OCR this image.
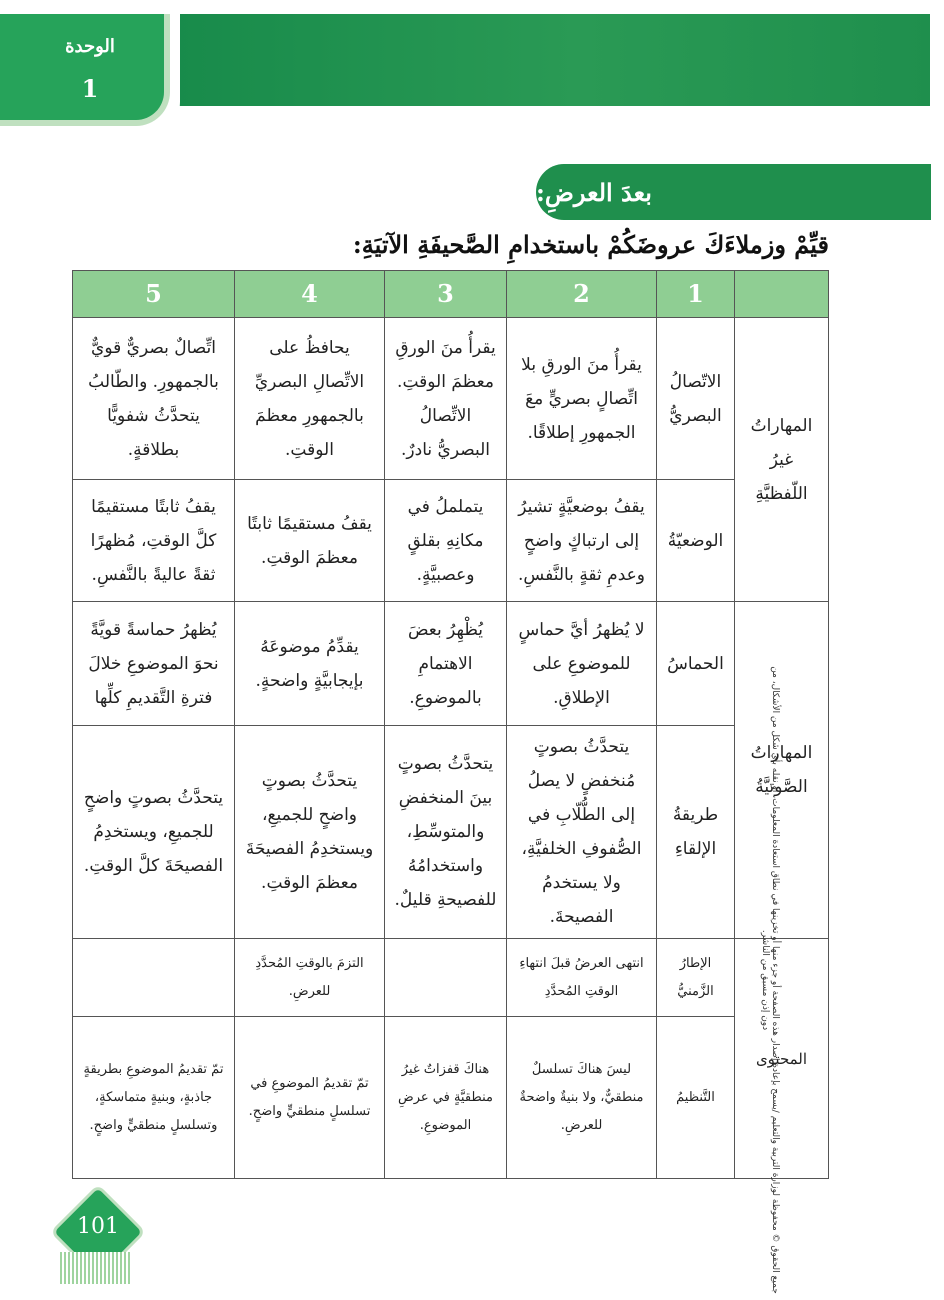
الوحدة
1
بعدَ العرضِ:
قيِّمْ وزملاءَكَ عروضَكُمْ باستخدامِ الصَّحيفَةِ الآتيَةِ:
	1	2	3	4	5
المهاراتُ غيرُ اللّفظيَّةِ	الاتّصالُ البصريُّ	يقرأُ منَ الورقِ بلا اتِّصالٍ بصريٍّ معَ الجمهورِ إطلاقًا.	يقرأُ منَ الورقِ معظمَ الوقتِ. الاتِّصالُ البصريُّ نادرٌ.	يحافظُ على الاتِّصالِ البصريِّ بالجمهورِ معظمَ الوقتِ.	اتِّصالٌ بصريٌّ قويٌّ بالجمهورِ. والطّالبُ يتحدَّثُ شفويًّا بطلاقةٍ.
	الوضعيّةُ	يقفُ بوضعيَّةٍ تشيرُ إلى ارتباكٍ واضحٍ وعدمِ ثقةٍ بالنَّفسِ.	يتململُ في مكانِهِ بقلقٍ وعصبيَّةٍ.	يقفُ مستقيمًا ثابتًا معظمَ الوقتِ.	يقفُ ثابتًا مستقيمًا كلَّ الوقتِ، مُظهرًا ثقةً عاليةً بالنَّفسِ.
المهاراتُ الصَّوتيَّةُ	الحماسُ	لا يُظهرُ أيَّ حماسٍ للموضوعِ على الإطلاقِ.	يُظْهِرُ بعضَ الاهتمامِ بالموضوعِ.	يقدِّمُ موضوعَهُ بإيجابيَّةٍ واضحةٍ.	يُظهرُ حماسةً قويَّةً نحوَ الموضوعِ خلالَ فترةِ التَّقديمِ كلِّها
	طريقةُ الإلقاءِ	يتحدَّثُ بصوتٍ مُنخفضٍ لا يصلُ إلى الطُّلّابِ في الصُّفوفِ الخلفيَّةِ، ولا يستخدمُ الفصيحةَ.	يتحدَّثُ بصوتٍ بينَ المنخفضِ والمتوسِّطِ، واستخدامُهُ للفصيحةِ قليلٌ.	يتحدَّثُ بصوتٍ واضحٍ للجميعِ، ويستخدِمُ الفصيحَةَ معظمَ الوقتِ.	يتحدَّثُ بصوتٍ واضحٍ للجميعِ، ويستخدِمُ الفصيحَةَ كلَّ الوقتِ.
المحتوى	الإطارُ الزَّمنيُّ	انتهى العرضُ قبلَ انتهاءِ الوقتِ المُحدَّدِ		التزمَ بالوقتِ المُحدَّدِ للعرضِ.	
	التَّنظيمُ	ليسَ هناكَ تسلسلٌ منطقيٌّ، ولا بنيةٌ واضحةٌ للعرضِ.	هناكَ قفزاتٌ غيرُ منطقيَّةٍ في عرضِ الموضوعِ.	تمّ تقديمُ الموضوعِ في تسلسلٍ منطقيٍّ واضحٍ.	تمّ تقديمُ الموضوعِ بطريقةٍ جاذبةٍ، وبنيةٍ متماسكةٍ، وتسلسلٍ منطقيٍّ واضحٍ.	جميع الحقوق © محفوظة لوزارة التربية والتعليم /يسمح بإعادة إصدار هذه الصفحة أو جزء منها أو تخزينها في نطاق استعادة المعلومات، أو نقله بأي شكل من الأشكال، من دون إذن مسبق من الناشر.
101
